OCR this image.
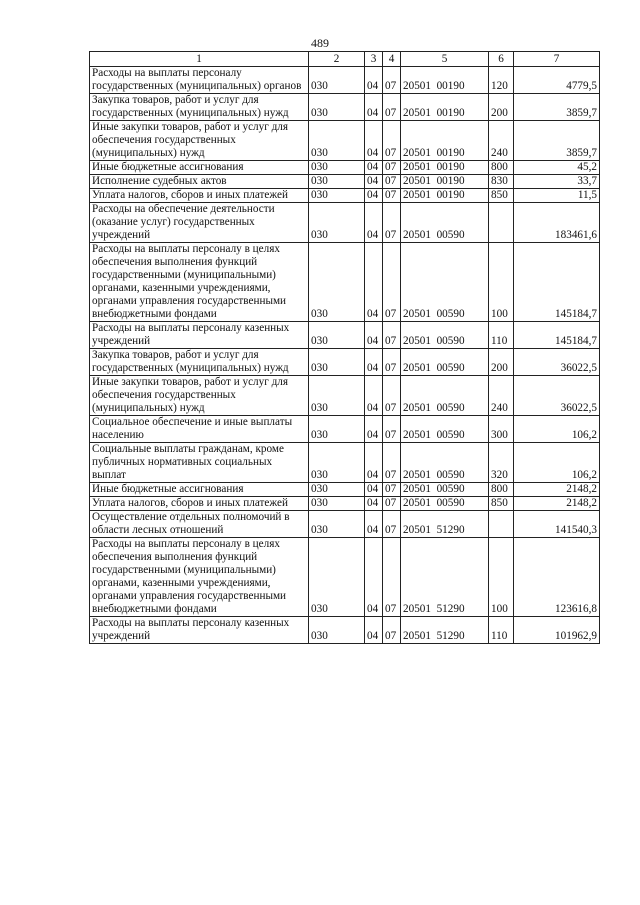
489
1	2	3	4	5	6	7
Расходы на выплаты персоналу государственных (муниципальных) органов	030	04	07	20501  00190	120	4779,5
Закупка товаров, работ и услуг для государственных (муниципальных) нужд	030	04	07	20501  00190	200	3859,7
Иные закупки товаров, работ и услуг для обеспечения государственных (муниципальных) нужд	030	04	07	20501  00190	240	3859,7
Иные бюджетные ассигнования	030	04	07	20501  00190	800	45,2
Исполнение судебных актов	030	04	07	20501  00190	830	33,7
Уплата налогов, сборов и иных платежей	030	04	07	20501  00190	850	11,5
Расходы на обеспечение деятельности (оказание услуг) государственных учреждений	030	04	07	20501  00590		183461,6
Расходы на выплаты персоналу в целях обеспечения выполнения функций государственными (муниципальными) органами, казенными учреждениями, органами управления государственными внебюджетными фондами	030	04	07	20501  00590	100	145184,7
Расходы на выплаты персоналу казенных учреждений	030	04	07	20501  00590	110	145184,7
Закупка товаров, работ и услуг для государственных (муниципальных) нужд	030	04	07	20501  00590	200	36022,5
Иные закупки товаров, работ и услуг для обеспечения государственных (муниципальных) нужд	030	04	07	20501  00590	240	36022,5
Социальное обеспечение и иные выплаты населению	030	04	07	20501  00590	300	106,2
Социальные выплаты гражданам, кроме публичных нормативных социальных выплат	030	04	07	20501  00590	320	106,2
Иные бюджетные ассигнования	030	04	07	20501  00590	800	2148,2
Уплата налогов, сборов и иных платежей	030	04	07	20501  00590	850	2148,2
Осуществление отдельных полномочий в области лесных отношений	030	04	07	20501  51290		141540,3
Расходы на выплаты персоналу в целях обеспечения выполнения функций государственными (муниципальными) органами, казенными учреждениями, органами управления государственными внебюджетными фондами	030	04	07	20501  51290	100	123616,8
Расходы на выплаты персоналу казенных учреждений	030	04	07	20501  51290	110	101962,9
